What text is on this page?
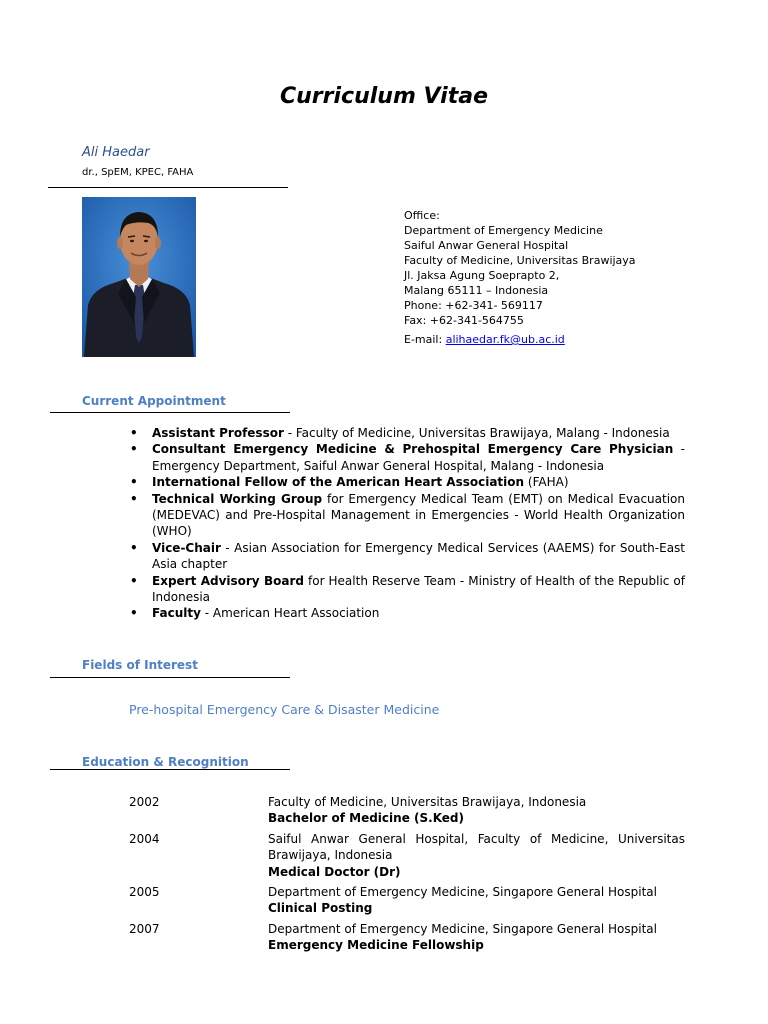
Curriculum Vitae
Ali Haedar
dr., SpEM, KPEC, FAHA
Office:
Department of Emergency Medicine
Saiful Anwar General Hospital
Faculty of Medicine, Universitas Brawijaya
Jl. Jaksa Agung Soeprapto 2,
Malang 65111 – Indonesia
Phone: +62-341- 569117
Fax: +62-341-564755
E-mail: alihaedar.fk@ub.ac.id
Current Appointment
• Assistant Professor - Faculty of Medicine, Universitas Brawijaya, Malang - Indonesia
• Consultant Emergency Medicine & Prehospital Emergency Care Physician - Emergency Department, Saiful Anwar General Hospital, Malang - Indonesia
• International Fellow of the American Heart Association (FAHA)
• Technical Working Group for Emergency Medical Team (EMT) on Medical Evacuation (MEDEVAC) and Pre-Hospital Management in Emergencies - World Health Organization (WHO)
• Vice-Chair - Asian Association for Emergency Medical Services (AAEMS) for South-East Asia chapter
• Expert Advisory Board for Health Reserve Team - Ministry of Health of the Republic of Indonesia
• Faculty - American Heart Association
Fields of Interest
Pre-hospital Emergency Care & Disaster Medicine
Education & Recognition
2002	Faculty of Medicine, Universitas Brawijaya, Indonesia
Bachelor of Medicine (S.Ked)
2004	Saiful Anwar General Hospital, Faculty of Medicine, Universitas Brawijaya, Indonesia
Medical Doctor (Dr)
2005	Department of Emergency Medicine, Singapore General Hospital
Clinical Posting
2007	Department of Emergency Medicine, Singapore General Hospital
Emergency Medicine Fellowship
